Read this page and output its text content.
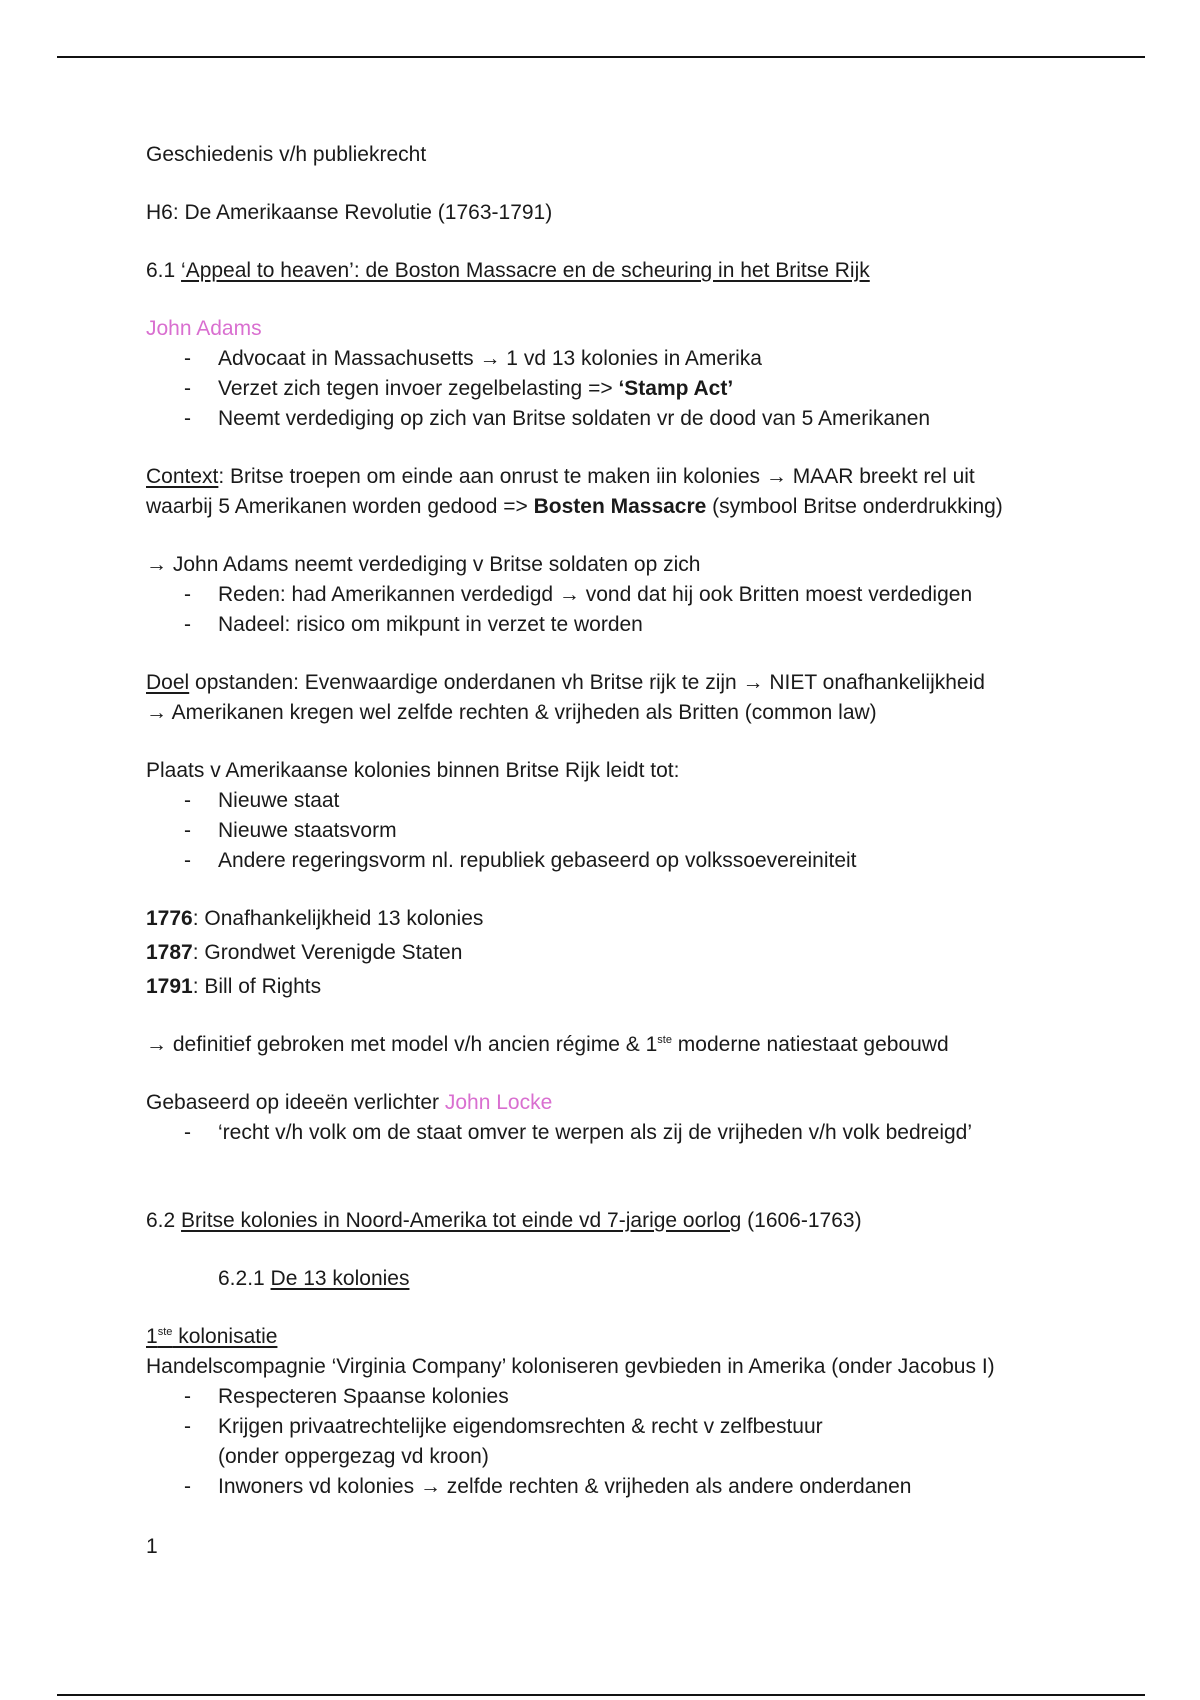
Geschiedenis v/h publiekrecht

H6: De Amerikaanse Revolutie (1763-1791)

6.1 ‘Appeal to heaven’: de Boston Massacre en de scheuring in het Britse Rijk

John Adams

- Advocaat in Massachusetts → 1 vd 13 kolonies in Amerika
- Verzet zich tegen invoer zegelbelasting => ‘Stamp Act’
- Neemt verdediging op zich van Britse soldaten vr de dood van 5 Amerikanen

Context: Britse troepen om einde aan onrust te maken iin kolonies → MAAR breekt rel uit

waarbij 5 Amerikanen worden gedood => Bosten Massacre (symbool Britse onderdrukking)

→ John Adams neemt verdediging v Britse soldaten op zich

- Reden: had Amerikannen verdedigd → vond dat hij ook Britten moest verdedigen
- Nadeel: risico om mikpunt in verzet te worden

Doel opstanden: Evenwaardige onderdanen vh Britse rijk te zijn → NIET onafhankelijkheid

→ Amerikanen kregen wel zelfde rechten & vrijheden als Britten (common law)

Plaats v Amerikaanse kolonies binnen Britse Rijk leidt tot:

- Nieuwe staat
- Nieuwe staatsvorm
- Andere regeringsvorm nl. republiek gebaseerd op volkssoevereiniteit

1776: Onafhankelijkheid 13 kolonies

1787: Grondwet Verenigde Staten

1791: Bill of Rights

→ definitief gebroken met model v/h ancien régime & 1ste moderne natiestaat gebouwd

Gebaseerd op ideeën verlichter John Locke

- ‘recht v/h volk om de staat omver te werpen als zij de vrijheden v/h volk bedreigd’

6.2 Britse kolonies in Noord-Amerika tot einde vd 7-jarige oorlog (1606-1763)

6.2.1 De 13 kolonies

1ste kolonisatie

Handelscompagnie ‘Virginia Company’ koloniseren gevbieden in Amerika (onder Jacobus I)

- Respecteren Spaanse kolonies
- Krijgen privaatrechtelijke eigendomsrechten & recht v zelfbestuur

(onder oppergezag vd kroon)

- Inwoners vd kolonies → zelfde rechten & vrijheden als andere onderdanen

1
